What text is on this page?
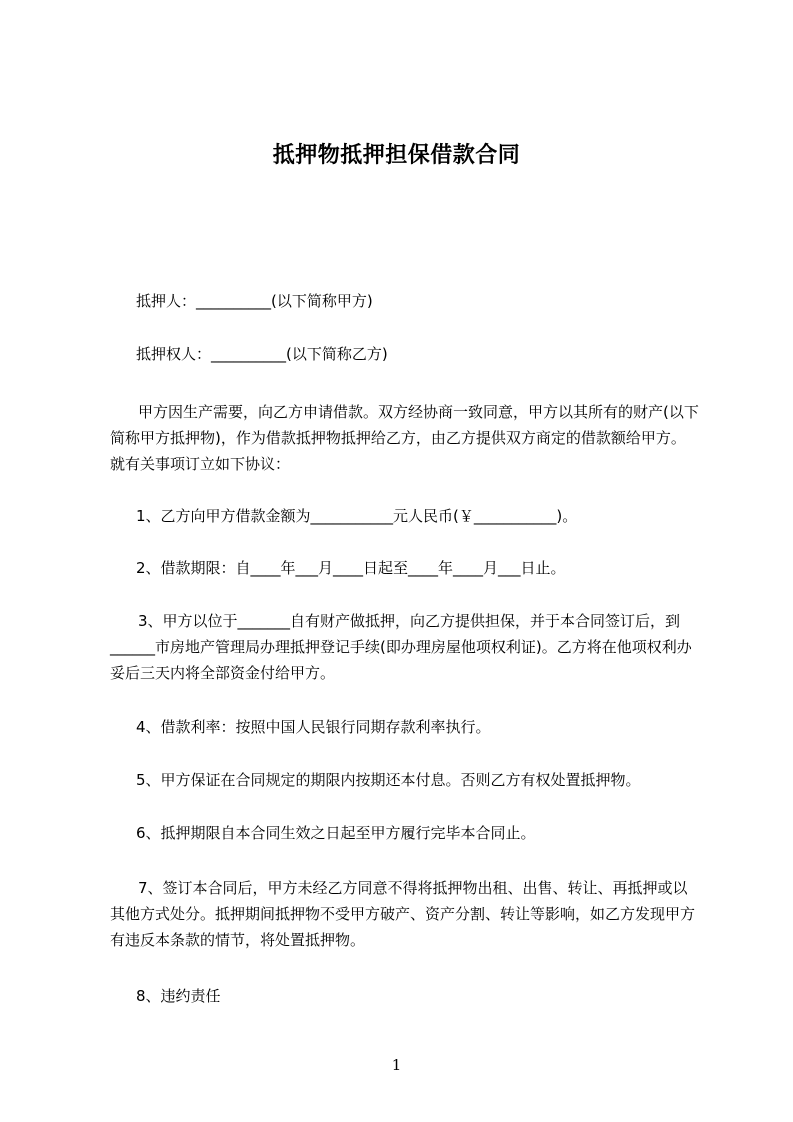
抵押物抵押担保借款合同
抵押人：__________(以下简称甲方)
抵押权人：__________(以下简称乙方)
甲方因生产需要，向乙方申请借款。双方经协商一致同意，甲方以其所有的财产(以下简称甲方抵押物)，作为借款抵押物抵押给乙方，由乙方提供双方商定的借款额给甲方。就有关事项订立如下协议：
1、乙方向甲方借款金额为___________元人民币(￥___________)。
2、借款期限：自____年___月____日起至____年____月___日止。
3、甲方以位于_______自有财产做抵押，向乙方提供担保，并于本合同签订后，到______市房地产管理局办理抵押登记手续(即办理房屋他项权利证)。乙方将在他项权利办妥后三天内将全部资金付给甲方。
4、借款利率：按照中国人民银行同期存款利率执行。
5、甲方保证在合同规定的期限内按期还本付息。否则乙方有权处置抵押物。
6、抵押期限自本合同生效之日起至甲方履行完毕本合同止。
7、签订本合同后，甲方未经乙方同意不得将抵押物出租、出售、转让、再抵押或以其他方式处分。抵押期间抵押物不受甲方破产、资产分割、转让等影响，如乙方发现甲方有违反本条款的情节，将处置抵押物。
8、违约责任
1
